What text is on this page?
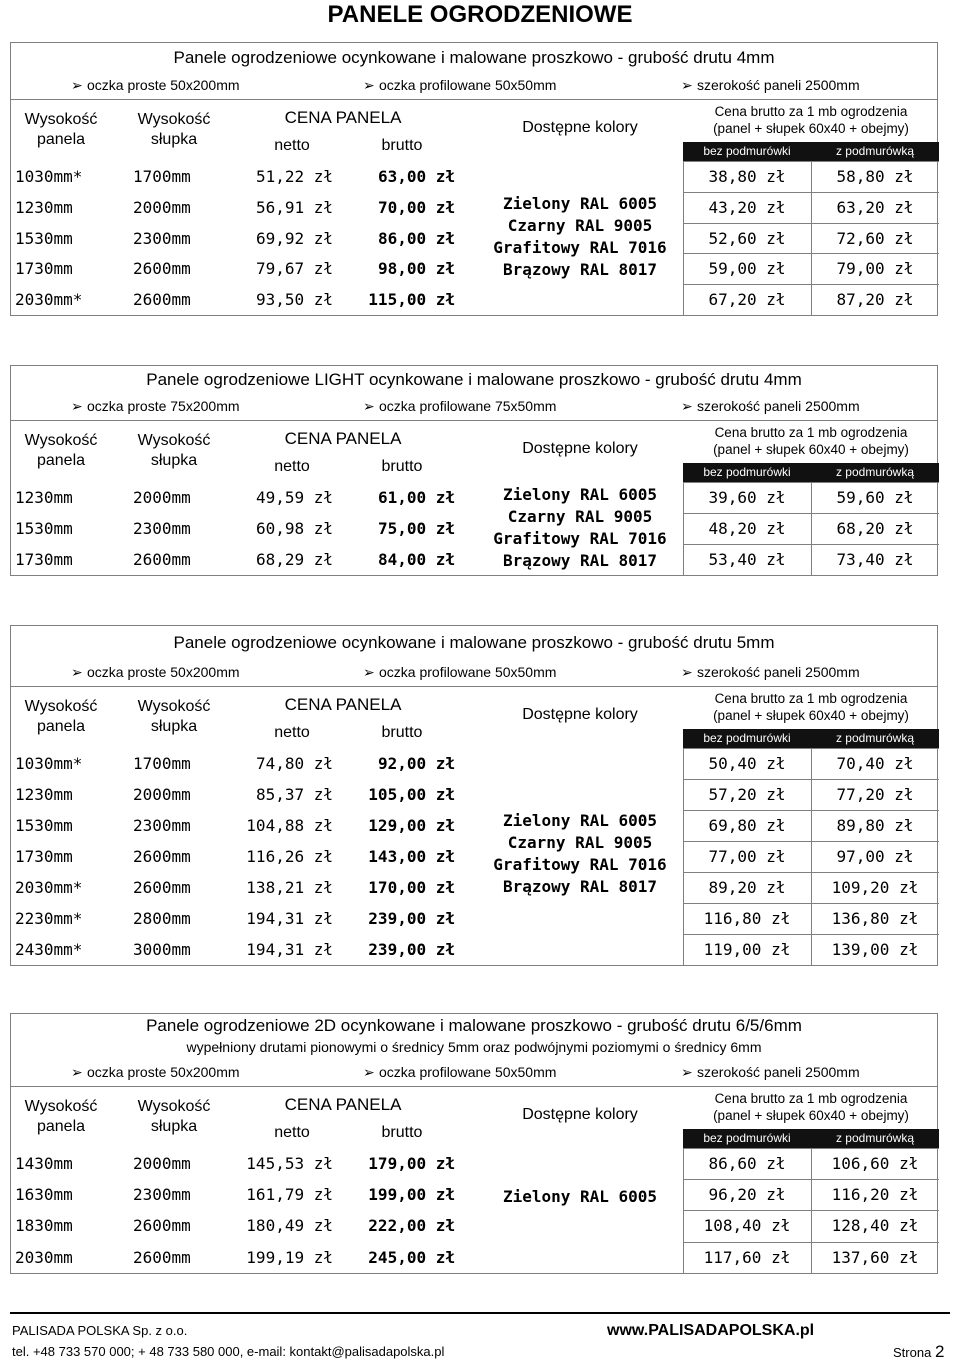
PANELE OGRODZENIOWE
Panele ogrodzeniowe ocynkowane i malowane proszkowo - grubość drutu 4mm
➢ oczka proste 50x200mm	➢ oczka profilowane 50x50mm	➢ szerokość paneli 2500mm
Wysokość
panela
Wysokość
słupka
CENA PANELA
netto	brutto
Dostępne kolory
Cena brutto za 1 mb ogrodzenia
(panel + słupek 60x40 + obejmy)
bez podmurówki	z podmurówką
1030mm*	1700mm	51,22 zł	63,00 zł	38,80 zł	58,80 zł
1230mm	2000mm	56,91 zł	70,00 zł	43,20 zł	63,20 zł
1530mm	2300mm	69,92 zł	86,00 zł	52,60 zł	72,60 zł
1730mm	2600mm	79,67 zł	98,00 zł	59,00 zł	79,00 zł
2030mm*	2600mm	93,50 zł	115,00 zł	67,20 zł	87,20 zł
Zielony RAL 6005
Czarny RAL 9005
Grafitowy RAL 7016
Brązowy RAL 8017
Panele ogrodzeniowe LIGHT ocynkowane i malowane proszkowo - grubość drutu 4mm
➢ oczka proste 75x200mm	➢ oczka profilowane 75x50mm	➢ szerokość paneli 2500mm
Wysokość
panela
Wysokość
słupka
CENA PANELA
netto	brutto
Dostępne kolory
Cena brutto za 1 mb ogrodzenia
(panel + słupek 60x40 + obejmy)
bez podmurówki	z podmurówką
1230mm	2000mm	49,59 zł	61,00 zł	39,60 zł	59,60 zł
1530mm	2300mm	60,98 zł	75,00 zł	48,20 zł	68,20 zł
1730mm	2600mm	68,29 zł	84,00 zł	53,40 zł	73,40 zł
Zielony RAL 6005
Czarny RAL 9005
Grafitowy RAL 7016
Brązowy RAL 8017
Panele ogrodzeniowe ocynkowane i malowane proszkowo - grubość drutu 5mm
➢ oczka proste 50x200mm	➢ oczka profilowane 50x50mm	➢ szerokość paneli 2500mm
Wysokość
panela
Wysokość
słupka
CENA PANELA
netto	brutto
Dostępne kolory
Cena brutto za 1 mb ogrodzenia
(panel + słupek 60x40 + obejmy)
bez podmurówki	z podmurówką
1030mm*	1700mm	74,80 zł	92,00 zł	50,40 zł	70,40 zł
1230mm	2000mm	85,37 zł	105,00 zł	57,20 zł	77,20 zł
1530mm	2300mm	104,88 zł	129,00 zł	69,80 zł	89,80 zł
1730mm	2600mm	116,26 zł	143,00 zł	77,00 zł	97,00 zł
2030mm*	2600mm	138,21 zł	170,00 zł	89,20 zł	109,20 zł
2230mm*	2800mm	194,31 zł	239,00 zł	116,80 zł	136,80 zł
2430mm*	3000mm	194,31 zł	239,00 zł	119,00 zł	139,00 zł
Zielony RAL 6005
Czarny RAL 9005
Grafitowy RAL 7016
Brązowy RAL 8017
Panele ogrodzeniowe 2D ocynkowane i malowane proszkowo - grubość drutu 6/5/6mm
wypełniony drutami pionowymi o średnicy 5mm oraz podwójnymi poziomymi o średnicy 6mm
➢ oczka proste 50x200mm	➢ oczka profilowane 50x50mm	➢ szerokość paneli 2500mm
Wysokość
panela
Wysokość
słupka
CENA PANELA
netto	brutto
Dostępne kolory
Cena brutto za 1 mb ogrodzenia
(panel + słupek 60x40 + obejmy)
bez podmurówki	z podmurówką
1430mm	2000mm	145,53 zł	179,00 zł	86,60 zł	106,60 zł
1630mm	2300mm	161,79 zł	199,00 zł	96,20 zł	116,20 zł
1830mm	2600mm	180,49 zł	222,00 zł	108,40 zł	128,40 zł
2030mm	2600mm	199,19 zł	245,00 zł	117,60 zł	137,60 zł
Zielony RAL 6005
PALISADA POLSKA Sp. z o.o.	www.PALISADAPOLSKA.pl
tel. +48 733 570 000; + 48 733 580 000, e-mail: kontakt@palisadapolska.pl	Strona 2
